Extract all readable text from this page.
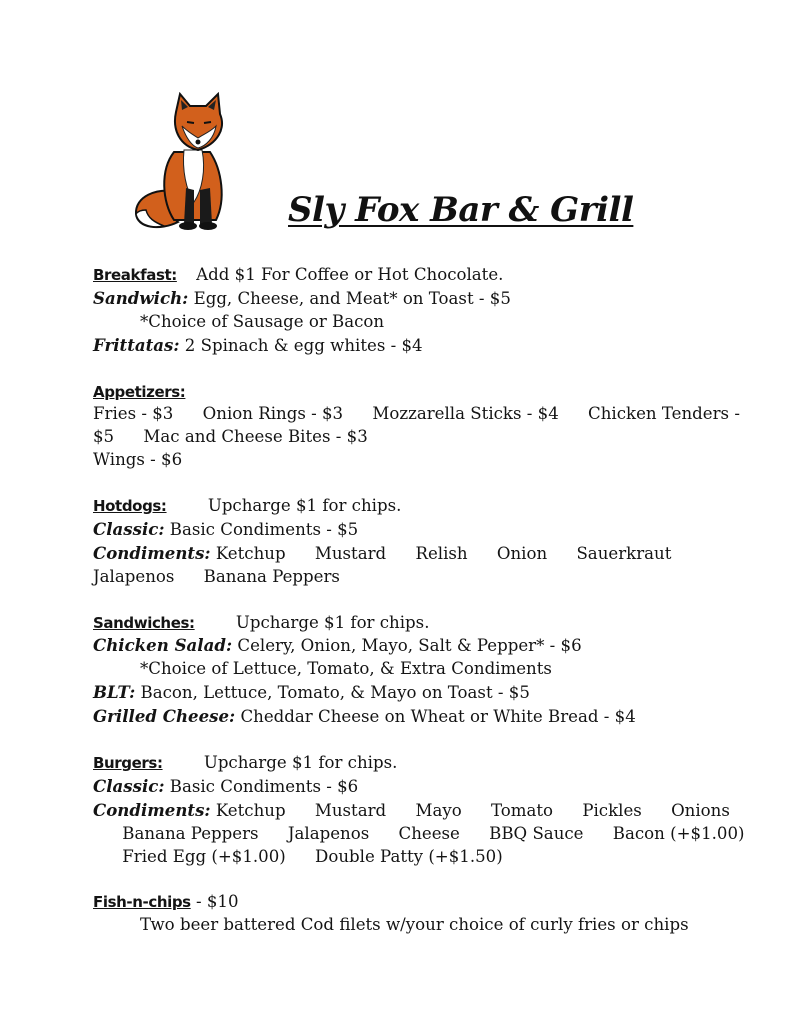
Sly Fox Bar & Grill
Breakfast: Add $1 For Coffee or Hot Chocolate.
Sandwich: Egg, Cheese, and Meat* on Toast - $5
*Choice of Sausage or Bacon
Frittatas: 2 Spinach & egg whites - $4
Appetizers:
Fries - $3 Onion Rings - $3 Mozzarella Sticks - $4 Chicken Tenders - $5 Mac and Cheese Bites - $3
Wings - $6
Hotdogs: Upcharge $1 for chips.
Classic: Basic Condiments - $5
Condiments: Ketchup Mustard Relish Onion Sauerkraut Jalapenos Banana Peppers
Sandwiches: Upcharge $1 for chips.
Chicken Salad: Celery, Onion, Mayo, Salt & Pepper* - $6
*Choice of Lettuce, Tomato, & Extra Condiments
BLT: Bacon, Lettuce, Tomato, & Mayo on Toast - $5
Grilled Cheese: Cheddar Cheese on Wheat or White Bread - $4
Burgers: Upcharge $1 for chips.
Classic: Basic Condiments - $6
Condiments: Ketchup Mustard Mayo Tomato Pickles Onions Banana Peppers Jalapenos Cheese BBQ Sauce Bacon (+$1.00) Fried Egg (+$1.00) Double Patty (+$1.50)
Fish-n-chips - $10
Two beer battered Cod filets w/your choice of curly fries or chips
